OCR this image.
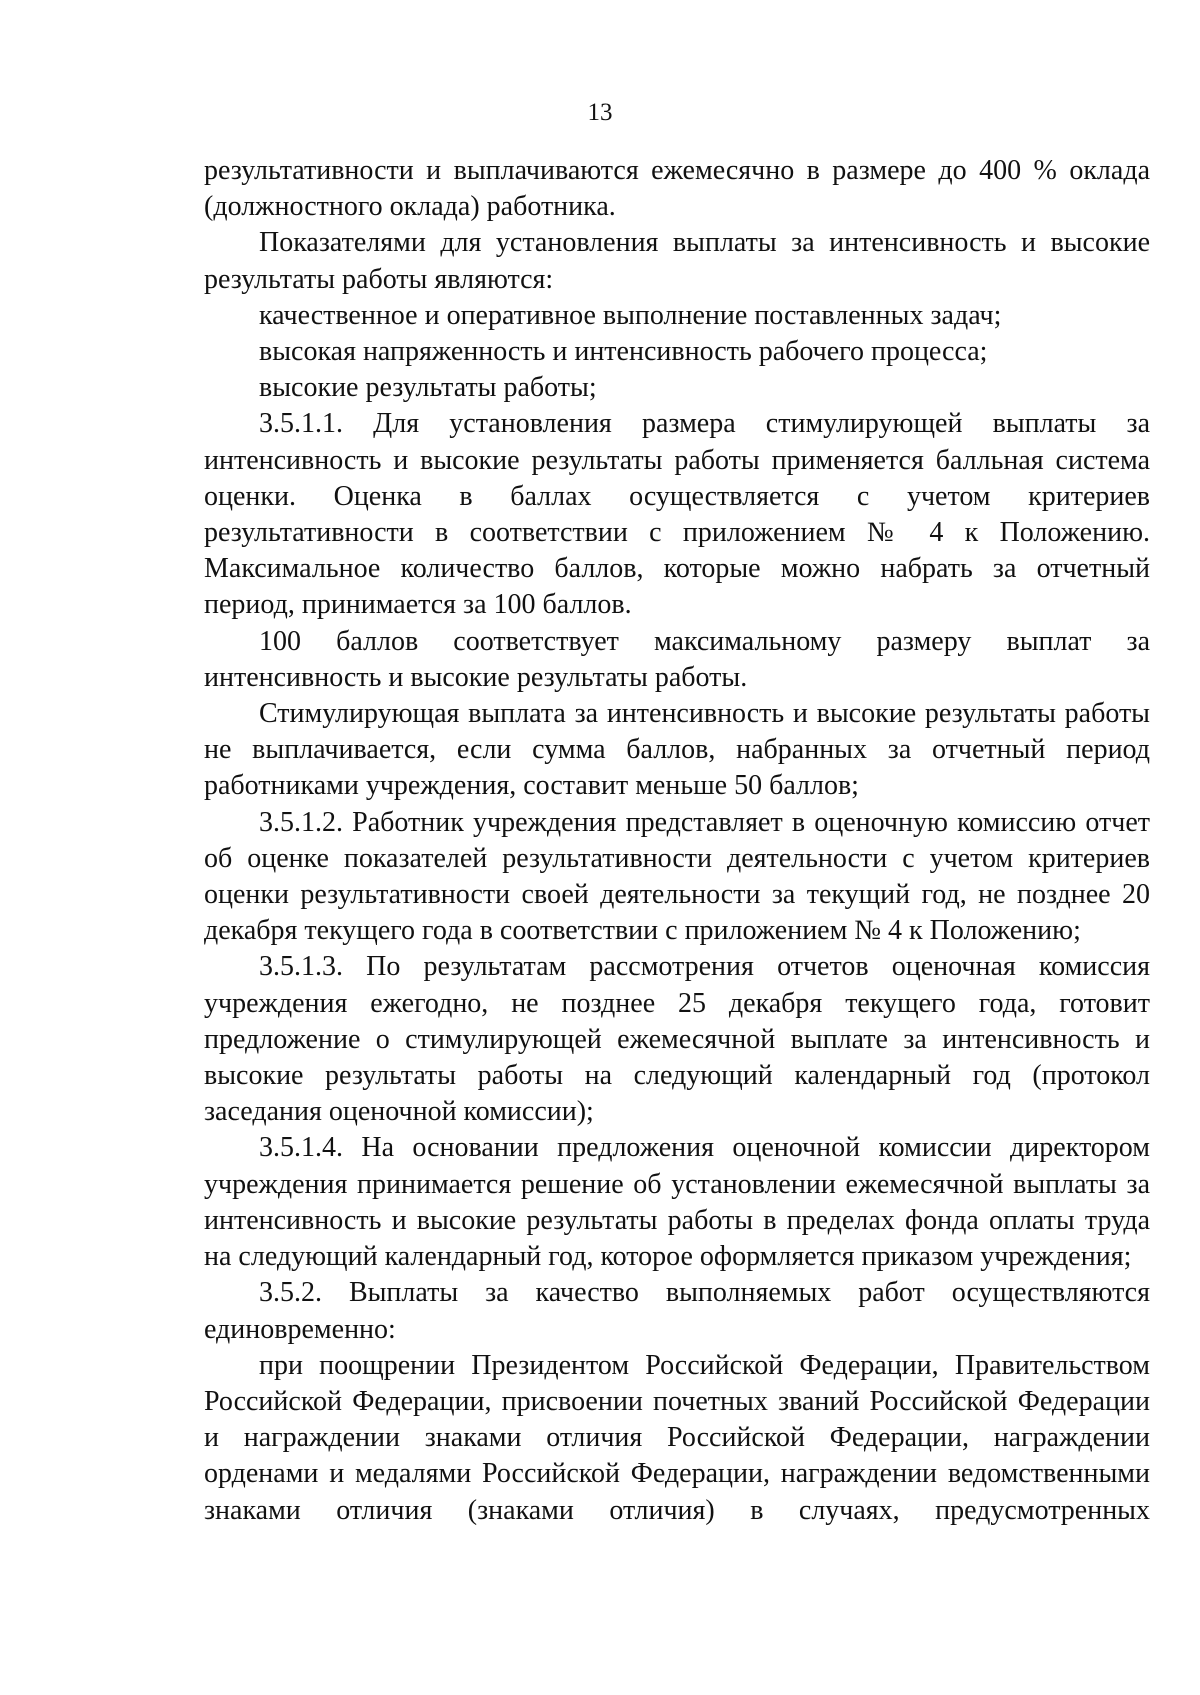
13

результативности и выплачиваются ежемесячно в размере до 400 % оклада (должностного оклада) работника.

Показателями для установления выплаты за интенсивность и высокие результаты работы являются:

качественное и оперативное выполнение поставленных задач;

высокая напряженность и интенсивность рабочего процесса;

высокие результаты работы;

3.5.1.1. Для установления размера стимулирующей выплаты за интенсивность и высокие результаты работы применяется балльная система оценки. Оценка в баллах осуществляется с учетом критериев результативности в соответствии с приложением № 4 к Положению. Максимальное количество баллов, которые можно набрать за отчетный период, принимается за 100 баллов.

100 баллов соответствует максимальному размеру выплат за интенсивность и высокие результаты работы.

Стимулирующая выплата за интенсивность и высокие результаты работы не выплачивается, если сумма баллов, набранных за отчетный период работниками учреждения, составит меньше 50 баллов;

3.5.1.2. Работник учреждения представляет в оценочную комиссию отчет об оценке показателей результативности деятельности с учетом критериев оценки результативности своей деятельности за текущий год, не позднее 20 декабря текущего года в соответствии с приложением № 4 к Положению;

3.5.1.3. По результатам рассмотрения отчетов оценочная комиссия учреждения ежегодно, не позднее 25 декабря текущего года, готовит предложение о стимулирующей ежемесячной выплате за интенсивность и высокие результаты работы на следующий календарный год (протокол заседания оценочной комиссии);

3.5.1.4. На основании предложения оценочной комиссии директором учреждения принимается решение об установлении ежемесячной выплаты за интенсивность и высокие результаты работы в пределах фонда оплаты труда на следующий календарный год, которое оформляется приказом учреждения;

3.5.2. Выплаты за качество выполняемых работ осуществляются единовременно:

при поощрении Президентом Российской Федерации, Правительством Российской Федерации, присвоении почетных званий Российской Федерации и награждении знаками отличия Российской Федерации, награждении орденами и медалями Российской Федерации, награждении ведомственными знаками отличия (знаками отличия) в случаях, предусмотренных
